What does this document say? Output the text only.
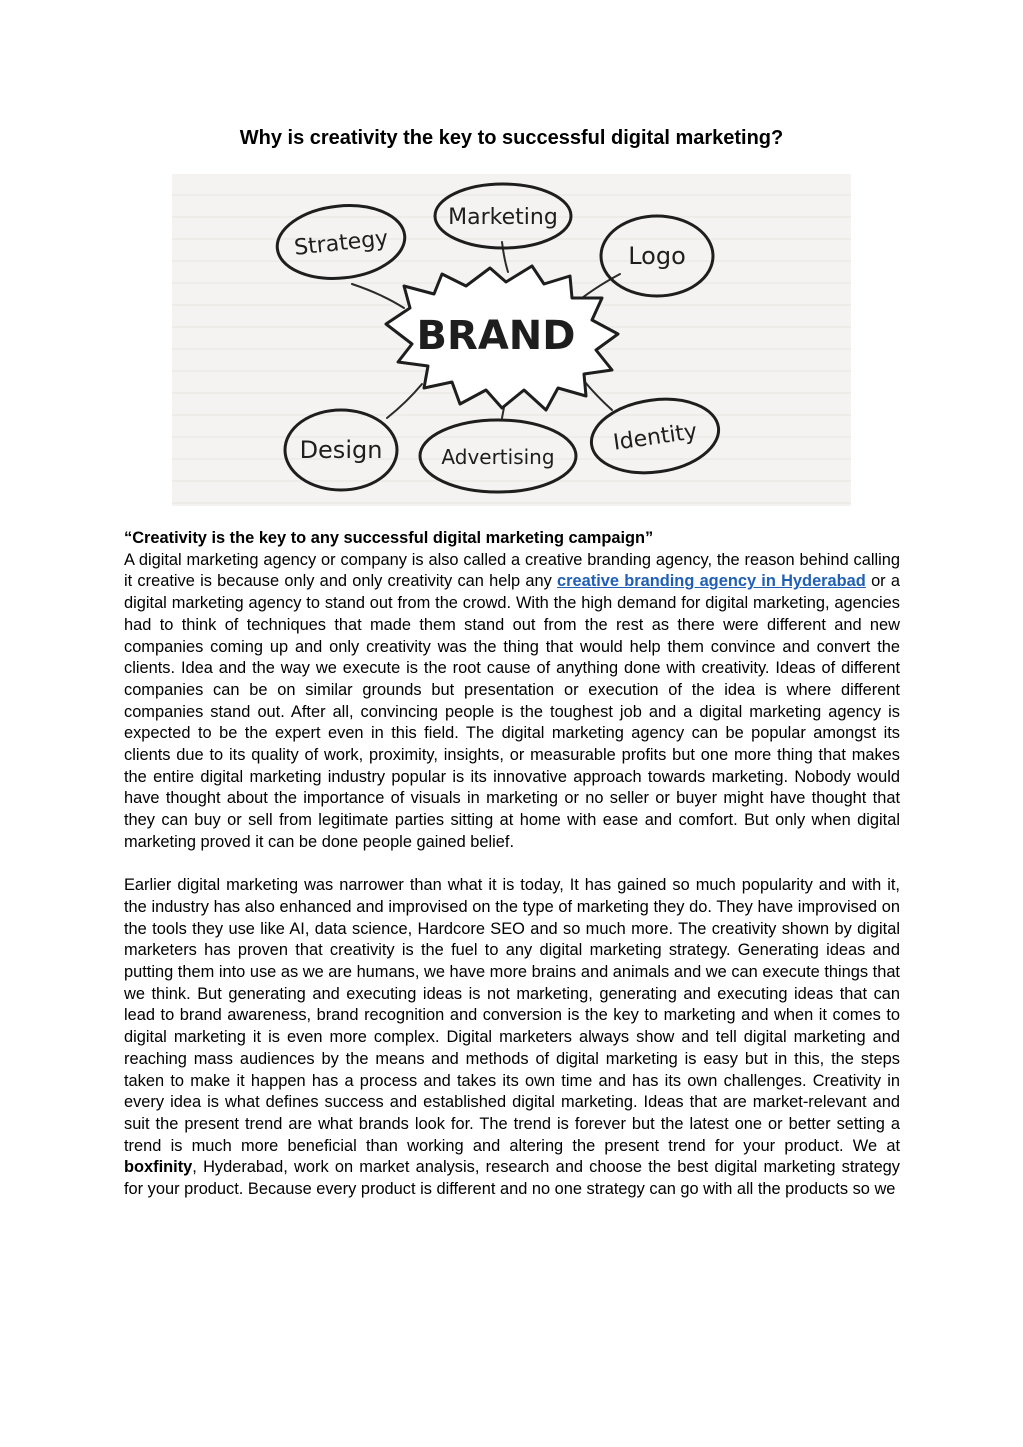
Why is creativity the key to successful digital marketing?
BRAND
Marketing
Strategy	Logo
Design	Advertising
Identity

“Creativity is the key to any successful digital marketing campaign”
A digital marketing agency or company is also called a creative branding agency, the reason behind calling it creative is because only and only creativity can help any creative branding agency in Hyderabad or a digital marketing agency to stand out from the crowd. With the high demand for digital marketing, agencies had to think of techniques that made them stand out from the rest as there were different and new companies coming up and only creativity was the thing that would help them convince and convert the clients. Idea and the way we execute is the root cause of anything done with creativity. Ideas of different companies can be on similar grounds but presentation or execution of the idea is where different companies stand out. After all, convincing people is the toughest job and a digital marketing agency is expected to be the expert even in this field. The digital marketing agency can be popular amongst its clients due to its quality of work, proximity, insights, or measurable profits but one more thing that makes the entire digital marketing industry popular is its innovative approach towards marketing. Nobody would have thought about the importance of visuals in marketing or no seller or buyer might have thought that they can buy or sell from legitimate parties sitting at home with ease and comfort. But only when digital marketing proved it can be done people gained belief.

Earlier digital marketing was narrower than what it is today, It has gained so much popularity and with it, the industry has also enhanced and improvised on the type of marketing they do. They have improvised on the tools they use like AI, data science, Hardcore SEO and so much more. The creativity shown by digital marketers has proven that creativity is the fuel to any digital marketing strategy. Generating ideas and putting them into use as we are humans, we have more brains and animals and we can execute things that we think. But generating and executing ideas is not marketing, generating and executing ideas that can lead to brand awareness, brand recognition and conversion is the key to marketing and when it comes to digital marketing it is even more complex. Digital marketers always show and tell digital marketing and reaching mass audiences by the means and methods of digital marketing is easy but in this, the steps taken to make it happen has a process and takes its own time and has its own challenges. Creativity in every idea is what defines success and established digital marketing. Ideas that are market-relevant and suit the present trend are what brands look for. The trend is forever but the latest one or better setting a trend is much more beneficial than working and altering the present trend for your product. We at boxfinity, Hyderabad, work on market analysis, research and choose the best digital marketing strategy for your product. Because every product is different and no one strategy can go with all the products so we
